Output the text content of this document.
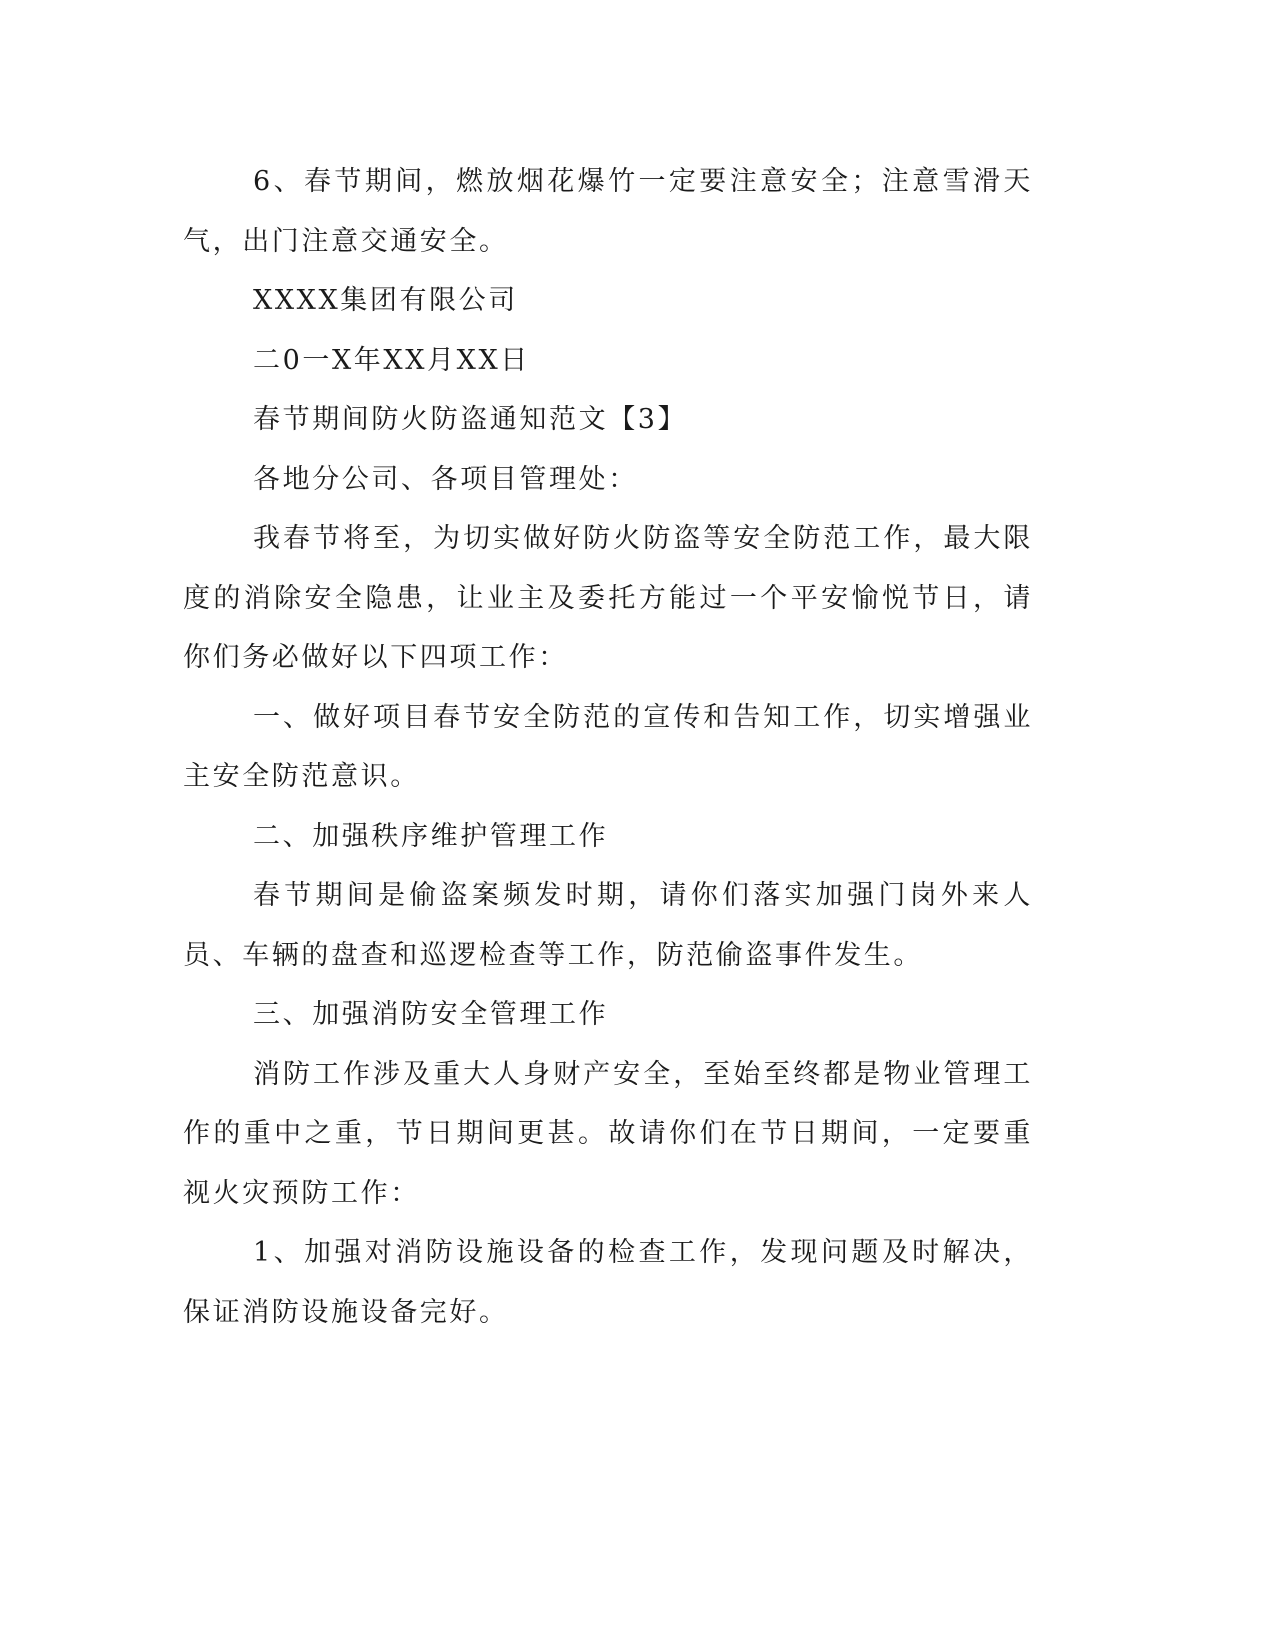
6、春节期间，燃放烟花爆竹一定要注意安全；注意雪滑天气，出门注意交通安全。

XXXX集团有限公司

二0一X年XX月XX日

春节期间防火防盗通知范文【3】

各地分公司、各项目管理处：

我春节将至，为切实做好防火防盗等安全防范工作，最大限度的消除安全隐患，让业主及委托方能过一个平安愉悦节日，请你们务必做好以下四项工作：

一、做好项目春节安全防范的宣传和告知工作，切实增强业主安全防范意识。

二、加强秩序维护管理工作

春节期间是偷盗案频发时期，请你们落实加强门岗外来人员、车辆的盘查和巡逻检查等工作，防范偷盗事件发生。

三、加强消防安全管理工作

消防工作涉及重大人身财产安全，至始至终都是物业管理工作的重中之重，节日期间更甚。故请你们在节日期间，一定要重视火灾预防工作：

1、加强对消防设施设备的检查工作，发现问题及时解决，保证消防设施设备完好。
